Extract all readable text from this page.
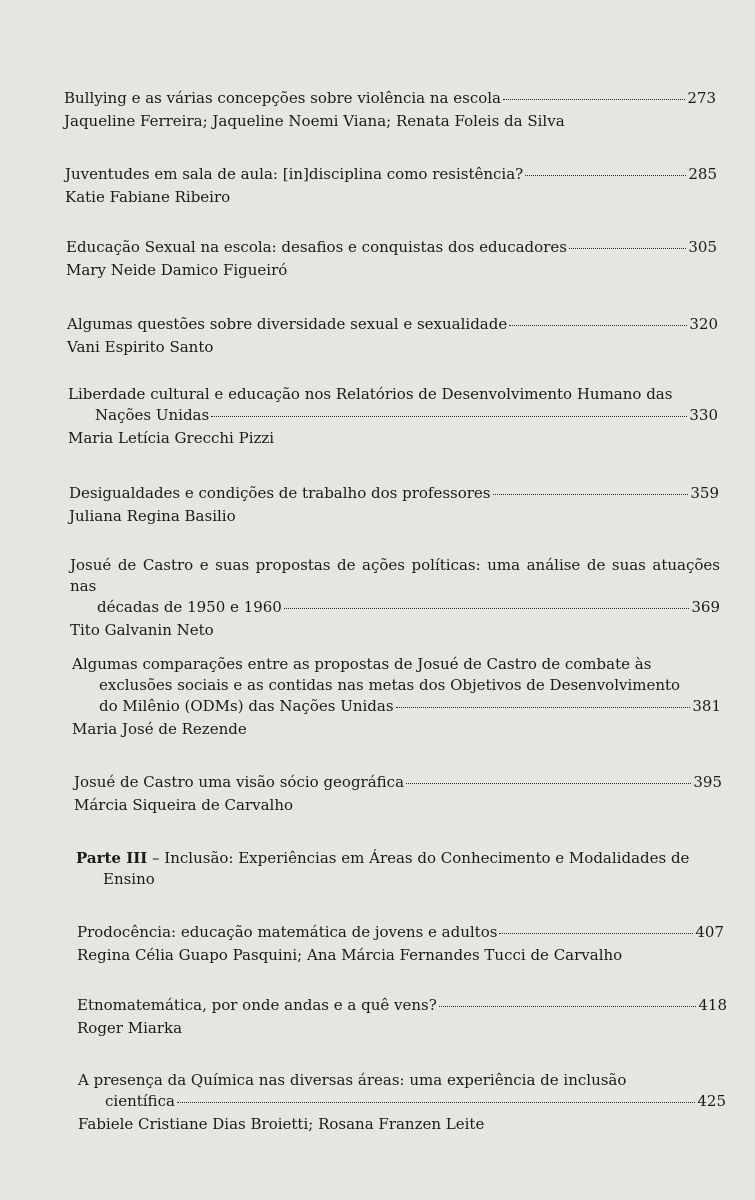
Bullying e as várias concepções sobre violência na escola	273
Jaqueline Ferreira; Jaqueline Noemi Viana; Renata Foleis da Silva
Juventudes em sala de aula: [in]disciplina como resistência?	285
Katie Fabiane Ribeiro
Educação Sexual na escola: desafios e conquistas dos educadores	305
Mary Neide Damico Figueiró
Algumas questões sobre diversidade sexual e sexualidade	320
Vani Espirito Santo
Liberdade cultural e educação nos Relatórios de Desenvolvimento Humano das
Nações Unidas	330
Maria Letícia Grecchi Pizzi
Desigualdades e condições de trabalho dos professores	359
Juliana Regina Basilio
Josué de Castro e suas propostas de ações políticas: uma análise de suas atuações nas
décadas de 1950 e 1960	369
Tito Galvanin Neto
Algumas comparações entre as propostas de Josué de Castro de combate às
exclusões sociais e as contidas nas metas dos Objetivos de Desenvolvimento
do Milênio (ODMs) das Nações Unidas	381
Maria José de Rezende
Josué de Castro uma visão sócio geográfica	395
Márcia Siqueira de Carvalho
Parte III
– Inclusão: Experiências em Áreas do Conhecimento e Modalidades de
Ensino
Prodocência: educação matemática de jovens e adultos	407
Regina Célia Guapo Pasquini; Ana Márcia Fernandes Tucci de Carvalho
Etnomatemática, por onde andas e a quê vens?	418
Roger Miarka
A presença da Química nas diversas áreas: uma experiência de inclusão
científica	425
Fabiele Cristiane Dias Broietti; Rosana Franzen Leite
